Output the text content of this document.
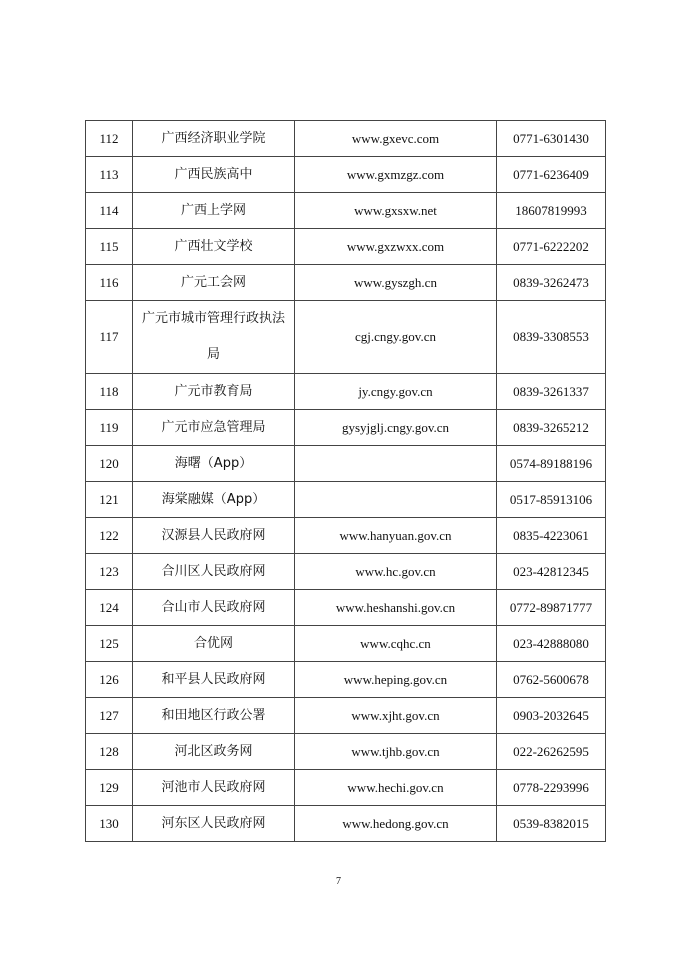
112	广西经济职业学院	www.gxevc.com	0771-6301430
113	广西民族高中	www.gxmzgz.com	0771-6236409
114	广西上学网	www.gxsxw.net	18607819993
115	广西壮文学校	www.gxzwxx.com	0771-6222202
116	广元工会网	www.gyszgh.cn	0839-3262473
117	广元市城市管理行政执法局	cgj.cngy.gov.cn	0839-3308553
118	广元市教育局	jy.cngy.gov.cn	0839-3261337
119	广元市应急管理局	gysyjglj.cngy.gov.cn	0839-3265212
120	海曙（App）		0574-89188196
121	海棠融媒（App）		0517-85913106
122	汉源县人民政府网	www.hanyuan.gov.cn	0835-4223061
123	合川区人民政府网	www.hc.gov.cn	023-42812345
124	合山市人民政府网	www.heshanshi.gov.cn	0772-89871777
125	合优网	www.cqhc.cn	023-42888080
126	和平县人民政府网	www.heping.gov.cn	0762-5600678
127	和田地区行政公署	www.xjht.gov.cn	0903-2032645
128	河北区政务网	www.tjhb.gov.cn	022-26262595
129	河池市人民政府网	www.hechi.gov.cn	0778-2293996
130	河东区人民政府网	www.hedong.gov.cn	0539-8382015
7
